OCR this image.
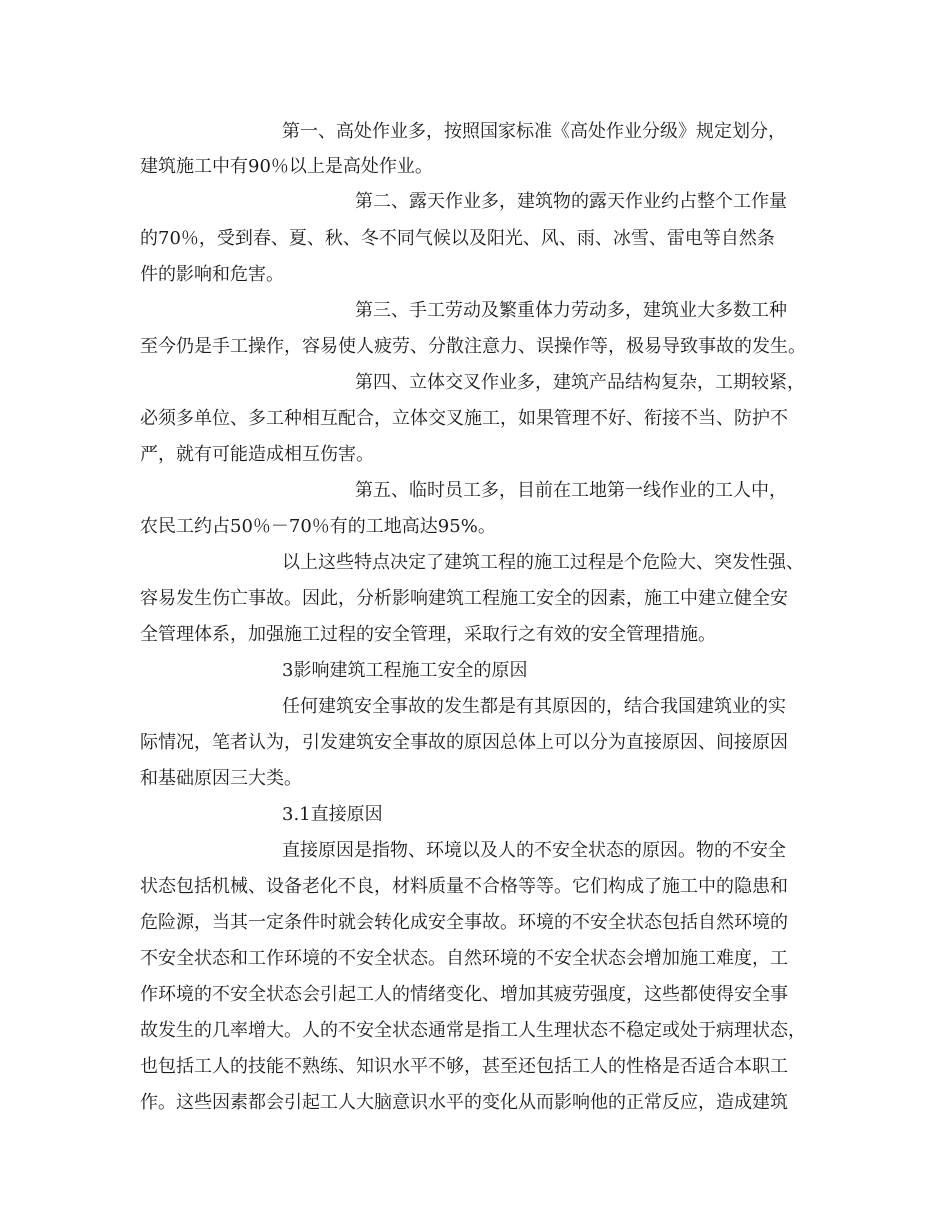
第一、高处作业多，按照国家标准《高处作业分级》规定划分，

建筑施工中有90％以上是高处作业。

第二、露天作业多，建筑物的露天作业约占整个工作量

的70％，受到春、夏、秋、冬不同气候以及阳光、风、雨、冰雪、雷电等自然条

件的影响和危害。

第三、手工劳动及繁重体力劳动多，建筑业大多数工种

至今仍是手工操作，容易使人疲劳、分散注意力、误操作等，极易导致事故的发生。

第四、立体交叉作业多，建筑产品结构复杂，工期较紧，

必须多单位、多工种相互配合，立体交叉施工，如果管理不好、衔接不当、防护不

严，就有可能造成相互伤害。

第五、临时员工多，目前在工地第一线作业的工人中，

农民工约占50％－70％有的工地高达95%。

以上这些特点决定了建筑工程的施工过程是个危险大、突发性强、

容易发生伤亡事故。因此，分析影响建筑工程施工安全的因素，施工中建立健全安

全管理体系，加强施工过程的安全管理，采取行之有效的安全管理措施。

3影响建筑工程施工安全的原因

任何建筑安全事故的发生都是有其原因的，结合我国建筑业的实

际情况，笔者认为，引发建筑安全事故的原因总体上可以分为直接原因、间接原因

和基础原因三大类。

3.1直接原因

直接原因是指物、环境以及人的不安全状态的原因。物的不安全

状态包括机械、设备老化不良，材料质量不合格等等。它们构成了施工中的隐患和

危险源，当其一定条件时就会转化成安全事故。环境的不安全状态包括自然环境的

不安全状态和工作环境的不安全状态。自然环境的不安全状态会增加施工难度，工

作环境的不安全状态会引起工人的情绪变化、增加其疲劳强度，这些都使得安全事

故发生的几率增大。人的不安全状态通常是指工人生理状态不稳定或处于病理状态，

也包括工人的技能不熟练、知识水平不够，甚至还包括工人的性格是否适合本职工

作。这些因素都会引起工人大脑意识水平的变化从而影响他的正常反应，造成建筑
